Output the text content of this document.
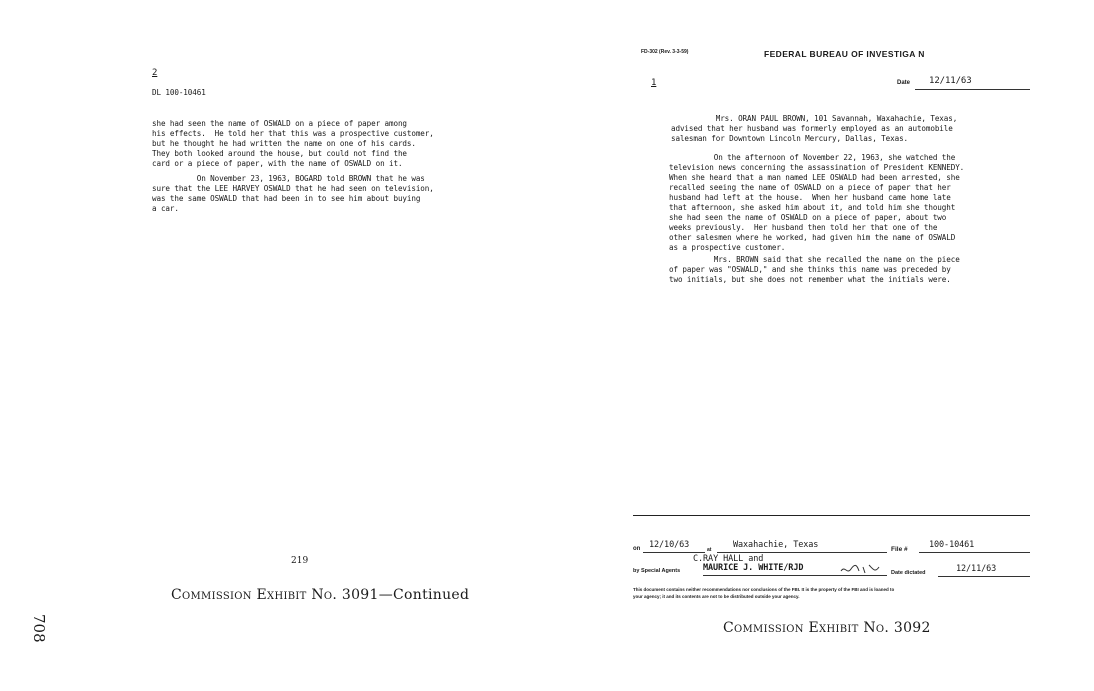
2
DL 100-10461
she had seen the name of OSWALD on a piece of paper among
his effects.  He told her that this was a prospective customer,
but he thought he had written the name on one of his cards.
They both looked around the house, but could not find the
card or a piece of paper, with the name of OSWALD on it.
On November 23, 1963, BOGARD told BROWN that he was
sure that the LEE HARVEY OSWALD that he had seen on television,
was the same OSWALD that had been in to see him about buying
a car.
219
Commission Exhibit No. 3091—Continued
708
FD-302 (Rev. 3-3-59)	FEDERAL BUREAU OF INVESTIGA N
1	Date 12/11/63
Mrs. ORAN PAUL BROWN, 101 Savannah, Waxahachie, Texas,
advised that her husband was formerly employed as an automobile
salesman for Downtown Lincoln Mercury, Dallas, Texas.
On the afternoon of November 22, 1963, she watched the
television news concerning the assassination of President KENNEDY.
When she heard that a man named LEE OSWALD had been arrested, she
recalled seeing the name of OSWALD on a piece of paper that her
husband had left at the house.  When her husband came home late
that afternoon, she asked him about it, and told him she thought
she had seen the name of OSWALD on a piece of paper, about two
weeks previously.  Her husband then told her that one of the
other salesmen where he worked, had given him the name of OSWALD
as a prospective customer.
Mrs. BROWN said that she recalled the name on the piece
of paper was "OSWALD," and she thinks this name was preceded by
two initials, but she does not remember what the initials were.
on 12/10/63	at	Waxahachie, Texas	File #	100-10461
C.RAY HALL and
by Special Agents	MAURICE J. WHITE/RJD	Date dictated	12/11/63
This document contains neither recommendations nor conclusions of the FBI. It is the property of the FBI and is loaned to
your agency; it and its contents are not to be distributed outside your agency.
Commission Exhibit No. 3092
